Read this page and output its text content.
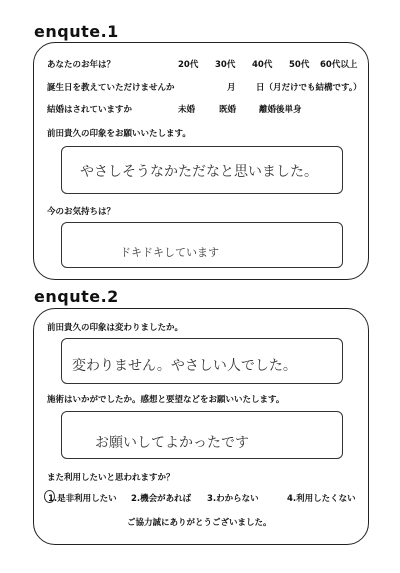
enqute.1
あなたのお年は？	20代 30代 40代 50代 60代以上
誕生日を教えていただけませんか	月 日（月だけでも結構です。）
結婚はされていますか	未婚	既婚	離婚後単身
前田貴久の印象をお願いいたします。
やさしそうなかただなと思いました。
今のお気持ちは？
ドキドキしています
enqute.2
前田貴久の印象は変わりましたか。
変わりません。やさしい人でした。
施術はいかがでしたか。感想と要望などをお願いいたします。
お願いしてよかったです
また利用したいと思われますか？
1.是非利用したい 2.機会があれば 3.わからない	4.利用したくない
ご協力誠にありがとうございました。
